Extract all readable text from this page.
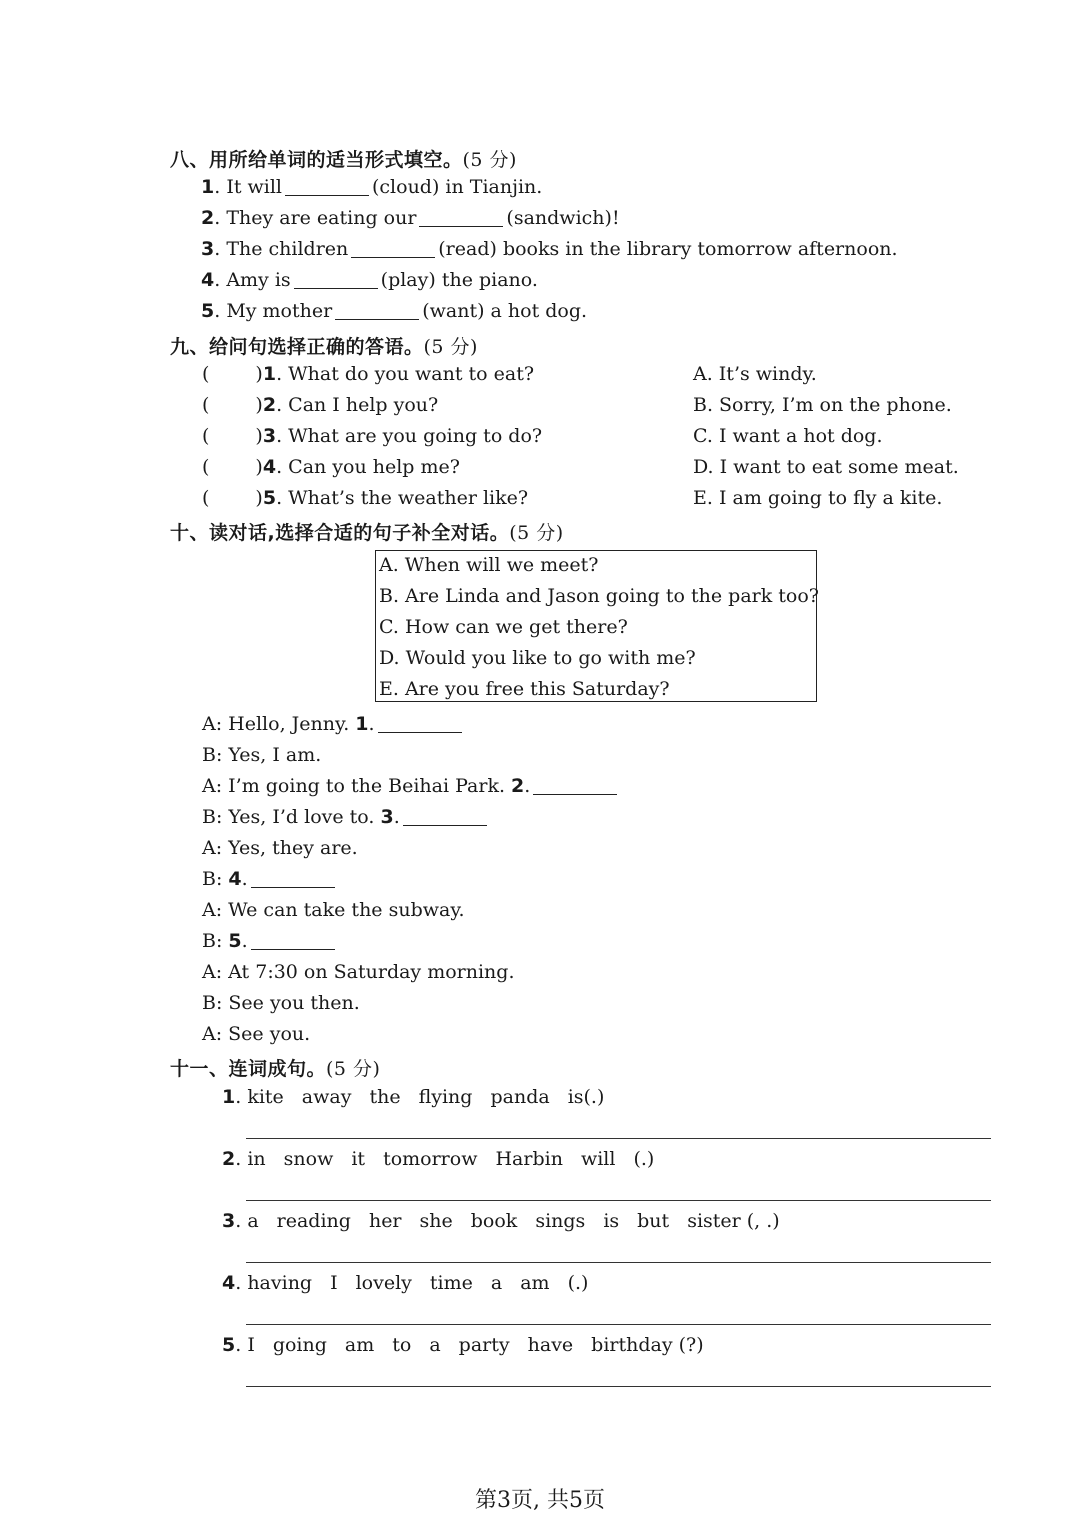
八、用所给单词的适当形式填空。(5 分)
1. It will	(cloud) in Tianjin.
2. They are eating our	(sandwich)!
3. The children	(read) books in the library tomorrow afternoon.
4. Amy is	(play) the piano.
5. My mother	(want) a hot dog.
九、给问句选择正确的答语。(5 分)
( )1. What do you want to eat?	A. It’s windy.
( )2. Can I help you?	B. Sorry, I’m on the phone.
( )3. What are you going to do?	C. I want a hot dog.
( )4. Can you help me?	D. I want to eat some meat.
( )5. What’s the weather like?	E. I am going to fly a kite.
十、读对话,选择合适的句子补全对话。(5 分)
A. When will we meet?
B. Are Linda and Jason going to the park too?
C. How can we get there?
D. Would you like to go with me?
E. Are you free this Saturday?
A: Hello, Jenny. 1.
B: Yes, I am.
A: I’m going to the Beihai Park. 2.
B: Yes, I’d love to. 3.
A: Yes, they are.
B: 4.
A: We can take the subway.
B: 5.
A: At 7:30 on Saturday morning.
B: See you then.
A: See you.
十一、连词成句。(5 分)
1. kite away the flying panda is(.)
2. in snow it tomorrow Harbin will (.)
3. a reading her she book sings is but sister (, .)
4. having I lovely time a am (.)
5. I going am to a party have birthday (?)
第3页, 共5页
